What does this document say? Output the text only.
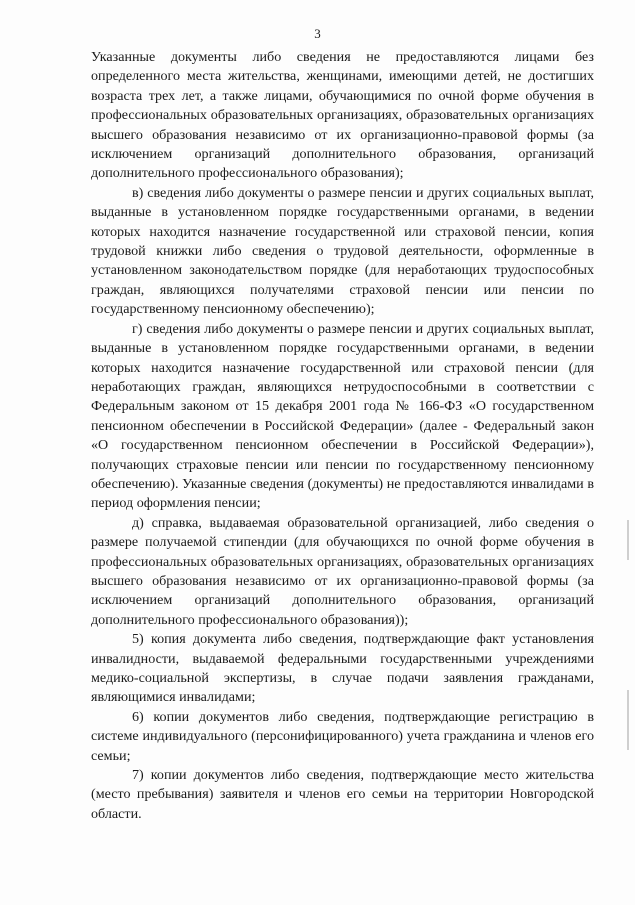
3

Указанные документы либо сведения не предоставляются лицами без определенного места жительства, женщинами, имеющими детей, не достигших возраста трех лет, а также лицами, обучающимися по очной форме обучения в профессиональных образовательных организациях, образовательных организациях высшего образования независимо от их организационно-правовой формы (за исключением организаций дополнительного образования, организаций дополнительного профессионального образования);

в) сведения либо документы о размере пенсии и других социальных выплат, выданные в установленном порядке государственными органами, в ведении которых находится назначение государственной или страховой пенсии, копия трудовой книжки либо сведения о трудовой деятельности, оформленные в установленном законодательством порядке (для неработающих трудоспособных граждан, являющихся получателями страховой пенсии или пенсии по государственному пенсионному обеспечению);

г) сведения либо документы о размере пенсии и других социальных выплат, выданные в установленном порядке государственными органами, в ведении которых находится назначение государственной или страховой пенсии (для неработающих граждан, являющихся нетрудоспособными в соответствии с Федеральным законом от 15 декабря 2001 года № 166-ФЗ «О государственном пенсионном обеспечении в Российской Федерации» (далее - Федеральный закон «О государственном пенсионном обеспечении в Российской Федерации»), получающих страховые пенсии или пенсии по государственному пенсионному обеспечению). Указанные сведения (документы) не предоставляются инвалидами в период оформления пенсии;

д) справка, выдаваемая образовательной организацией, либо сведения о размере получаемой стипендии (для обучающихся по очной форме обучения в профессиональных образовательных организациях, образовательных организациях высшего образования независимо от их организационно-правовой формы (за исключением организаций дополнительного образования, организаций дополнительного профессионального образования));

5) копия документа либо сведения, подтверждающие факт установления инвалидности, выдаваемой федеральными государственными учреждениями медико-социальной экспертизы, в случае подачи заявления гражданами, являющимися инвалидами;

6) копии документов либо сведения, подтверждающие регистрацию в системе индивидуального (персонифицированного) учета гражданина и членов его семьи;

7) копии документов либо сведения, подтверждающие место жительства (место пребывания) заявителя и членов его семьи на территории Новгородской области.
